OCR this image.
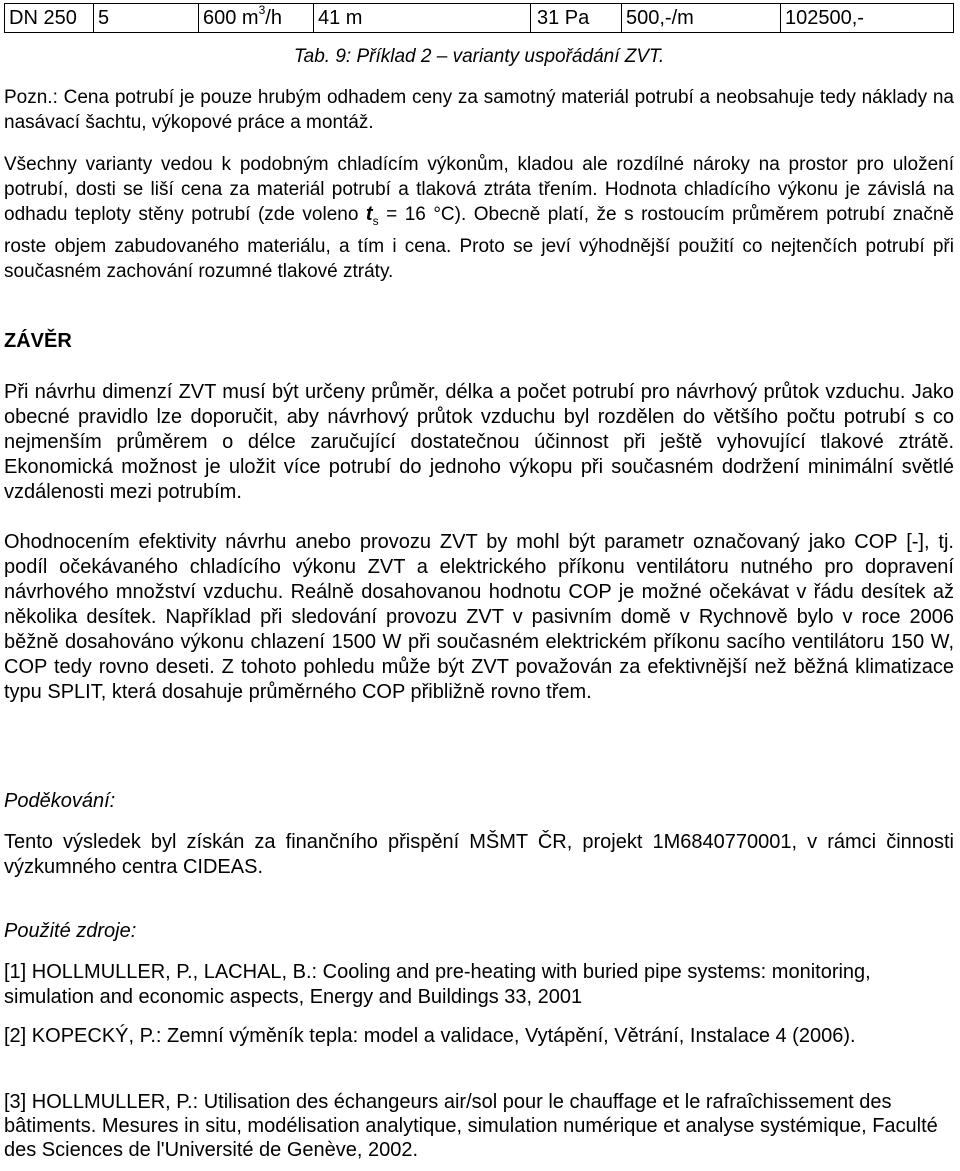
DN 250	5	600 $m^3/h$	41 m	31 Pa	500,-/m	102500,-
Tab. 9: Příklad 2 – varianty uspořádání ZVT.
Pozn.: Cena potrubí je pouze hrubým odhadem ceny za samotný materiál potrubí a neobsahuje tedy náklady na nasávací šachtu, výkopové práce a montáž.
Všechny varianty vedou k podobným chladícím výkonům, kladou ale rozdílné nároky na prostor pro uložení potrubí, dosti se liší cena za materiál potrubí a tlaková ztráta třením. Hodnota chladícího výkonu je závislá na odhadu teploty stěny potrubí (zde voleno $t_s = 16$ °C). Obecně platí, že s rostoucím průměrem potrubí značně roste objem zabudovaného materiálu, a tím i cena. Proto se jeví výhodnější použití co nejtenčích potrubí při současném zachování rozumné tlakové ztráty.
ZÁVĚR
Při návrhu dimenzí ZVT musí být určeny průměr, délka a počet potrubí pro návrhový průtok vzduchu. Jako obecné pravidlo lze doporučit, aby návrhový průtok vzduchu byl rozdělen do většího počtu potrubí s co nejmenším průměrem o délce zaručující dostatečnou účinnost při ještě vyhovující tlakové ztrátě. Ekonomická možnost je uložit více potrubí do jednoho výkopu při současném dodržení minimální světlé vzdálenosti mezi potrubím.
Ohodnocením efektivity návrhu anebo provozu ZVT by mohl být parametr označovaný jako COP [-], tj. podíl očekávaného chladícího výkonu ZVT a elektrického příkonu ventilátoru nutného pro dopravení návrhového množství vzduchu. Reálně dosahovanou hodnotu COP je možné očekávat v řádu desítek až několika desítek. Například při sledování provozu ZVT v pasivním domě v Rychnově bylo v roce 2006 běžně dosahováno výkonu chlazení 1500 W při současném elektrickém příkonu sacího ventilátoru 150 W, COP tedy rovno deseti. Z tohoto pohledu může být ZVT považován za efektivnější než běžná klimatizace typu SPLIT, která dosahuje průměrného COP přibližně rovno třem.
Poděkování:
Tento výsledek byl získán za finančního přispění MŠMT ČR, projekt 1M6840770001, v rámci činnosti výzkumného centra CIDEAS.
Použité zdroje:
[1] HOLLMULLER, P., LACHAL, B.: Cooling and pre-heating with buried pipe systems: monitoring, simulation and economic aspects, Energy and Buildings 33, 2001
[2] KOPECKÝ, P.: Zemní výměník tepla: model a validace, Vytápění, Větrání, Instalace 4 (2006).
[3] HOLLMULLER, P.: Utilisation des échangeurs air/sol pour le chauffage et le rafraîchissement des bâtiments. Mesures in situ, modélisation analytique, simulation numérique et analyse systémique, Faculté des Sciences de l'Université de Genève, 2002.
